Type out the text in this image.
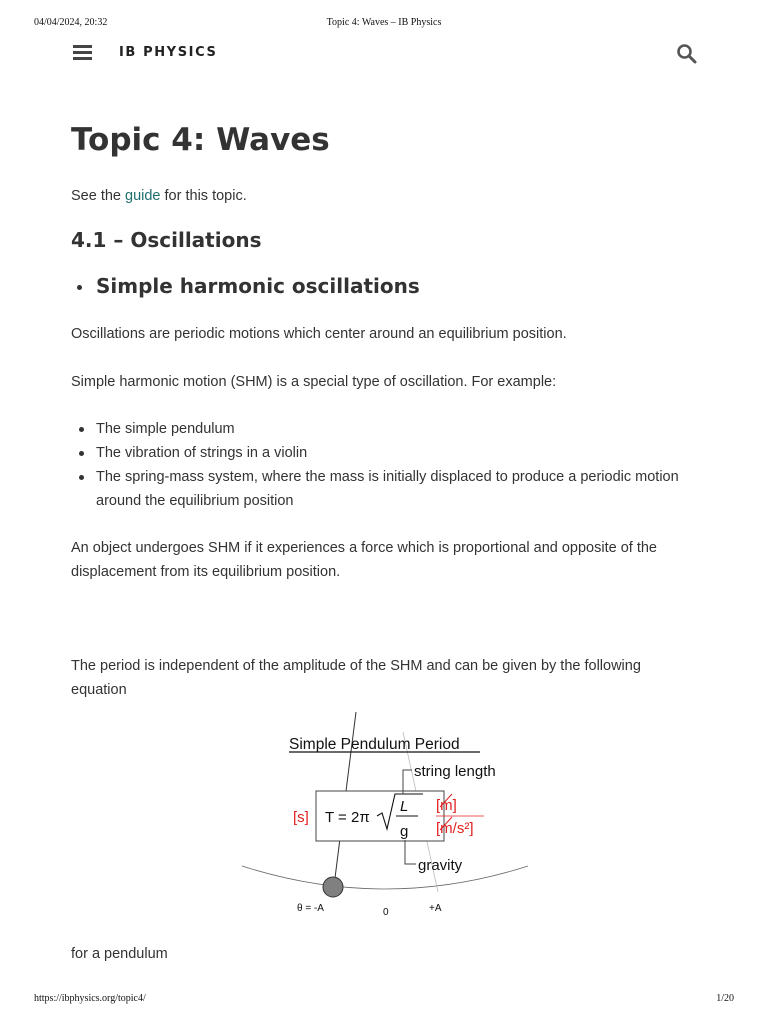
04/04/2024, 20:32	Topic 4: Waves – IB Physics
IB PHYSICS
Topic 4: Waves

See the guide for this topic.

4.1 – Oscillations
Simple harmonic oscillations

Oscillations are periodic motions which center around an equilibrium position.

Simple harmonic motion (SHM) is a special type of oscillation. For example:

The simple pendulum
The vibration of strings in a violin
The spring-mass system, where the mass is initially displaced to produce a periodic motion around the equilibrium position

An object undergoes SHM if it experiences a force which is proportional and opposite of the displacement from its equilibrium position.

The period is independent of the amplitude of the SHM and can be given by the following equation

for a pendulum

Simple Pendulum Period
T = 2π
L
g
[s]
[m]
[m/s²]
string length
gravity
θ = -A	0	+A
https://ibphysics.org/topic4/	1/20
